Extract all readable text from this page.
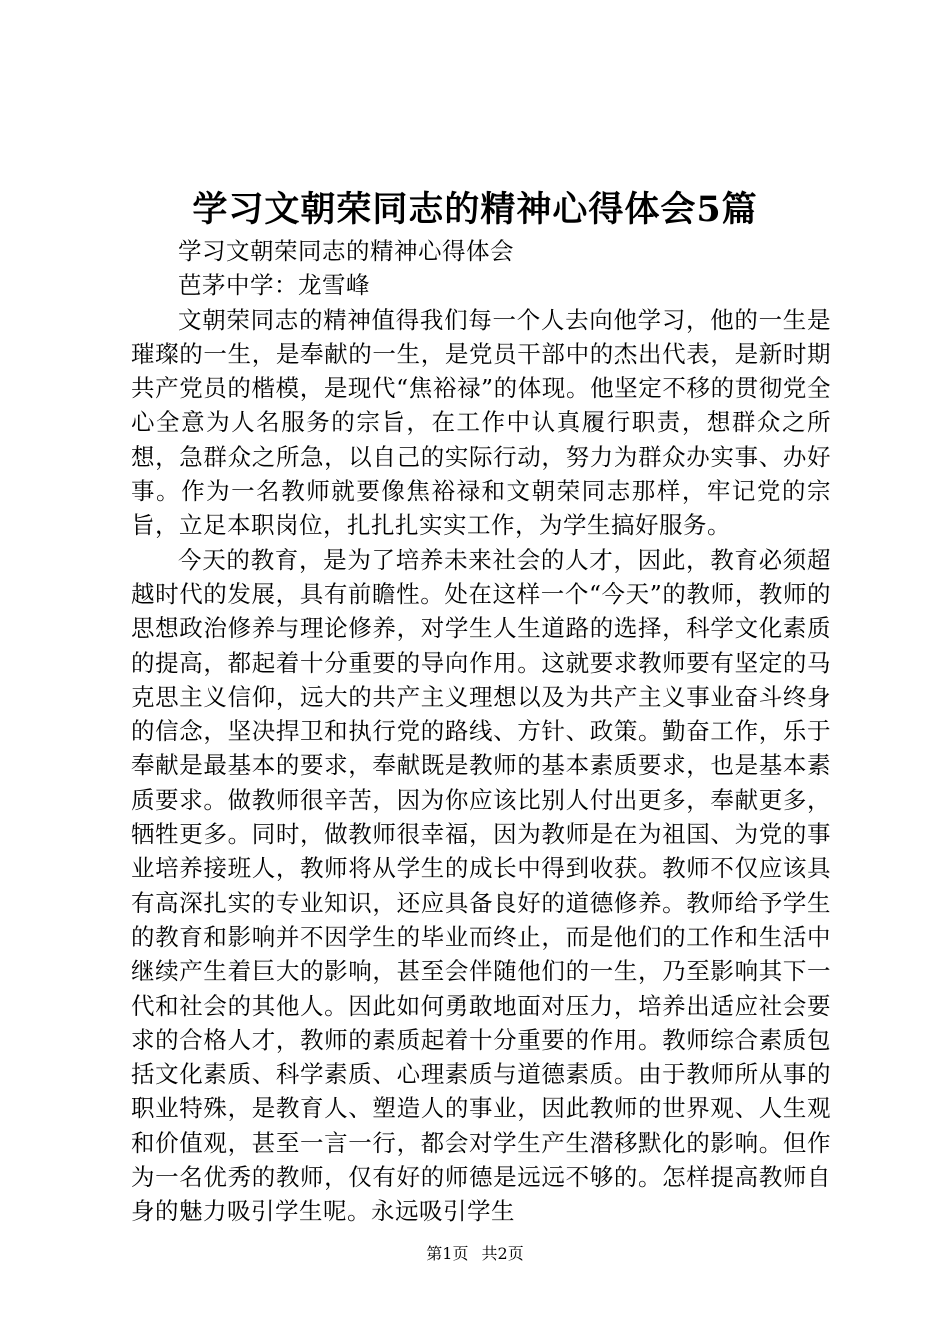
学习文朝荣同志的精神心得体会5篇

学习文朝荣同志的精神心得体会

芭茅中学：龙雪峰

文朝荣同志的精神值得我们每一个人去向他学习，他的一生是璀璨的一生，是奉献的一生，是党员干部中的杰出代表，是新时期共产党员的楷模，是现代“焦裕禄”的体现。他坚定不移的贯彻党全心全意为人名服务的宗旨，在工作中认真履行职责，想群众之所想，急群众之所急，以自己的实际行动，努力为群众办实事、办好事。作为一名教师就要像焦裕禄和文朝荣同志那样，牢记党的宗旨，立足本职岗位，扎扎扎实实工作，为学生搞好服务。

今天的教育，是为了培养未来社会的人才，因此，教育必须超越时代的发展，具有前瞻性。处在这样一个“今天”的教师，教师的思想政治修养与理论修养，对学生人生道路的选择，科学文化素质的提高，都起着十分重要的导向作用。这就要求教师要有坚定的马克思主义信仰，远大的共产主义理想以及为共产主义事业奋斗终身的信念，坚决捍卫和执行党的路线、方针、政策。勤奋工作，乐于奉献是最基本的要求，奉献既是教师的基本素质要求，也是基本素质要求。做教师很辛苦，因为你应该比别人付出更多，奉献更多，牺牲更多。同时，做教师很幸福，因为教师是在为祖国、为党的事业培养接班人，教师将从学生的成长中得到收获。教师不仅应该具有高深扎实的专业知识，还应具备良好的道德修养。教师给予学生的教育和影响并不因学生的毕业而终止，而是他们的工作和生活中继续产生着巨大的影响，甚至会伴随他们的一生，乃至影响其下一代和社会的其他人。因此如何勇敢地面对压力，培养出适应社会要求的合格人才，教师的素质起着十分重要的作用。教师综合素质包括文化素质、科学素质、心理素质与道德素质。由于教师所从事的职业特殊，是教育人、塑造人的事业，因此教师的世界观、人生观和价值观，甚至一言一行，都会对学生产生潜移默化的影响。但作为一名优秀的教师，仅有好的师德是远远不够的。怎样提高教师自身的魅力吸引学生呢。永远吸引学生

第1页 共2页
